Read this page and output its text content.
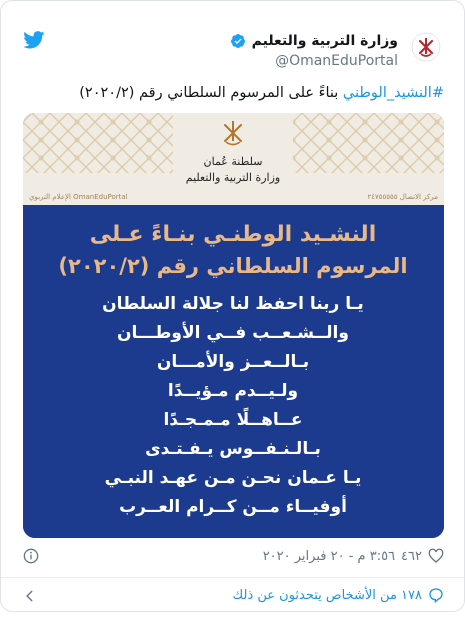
وزارة التربية والتعليم
@OmanEduPortal
#النشيد_الوطني بناءً على المرسوم السلطاني رقم (٢٠٢٠/٢)
سلطنة عُمان
وزارة التربية والتعليم
الإعلام التربوي OmanEduPortal	مركز الاتصال ٢٤٧٥٥٥٥٥
النشـيد الوطنـي بنـاءً عـلى
المرسوم السلطاني رقم (٢٠٢٠/٢)
يـا ربنا احفظ لنا جلالة السلطان
والــشـعــب فــي الأوطـــان
بـالــعــز والأمـــان
ولـيــدم مـؤيــدًا
عــاهــلًا مـمـجـدًا
بـالـنـفــوس يـفـتـدى
يـا عـمان نحـن مـن عهـد النبـي
أوفيــاء مــن كــرام العــرب
٤٦٢
٣:٥٦ م - ٢٠ فبراير ٢٠٢٠
١٧٨ من الأشخاص يتحدثون عن ذلك
